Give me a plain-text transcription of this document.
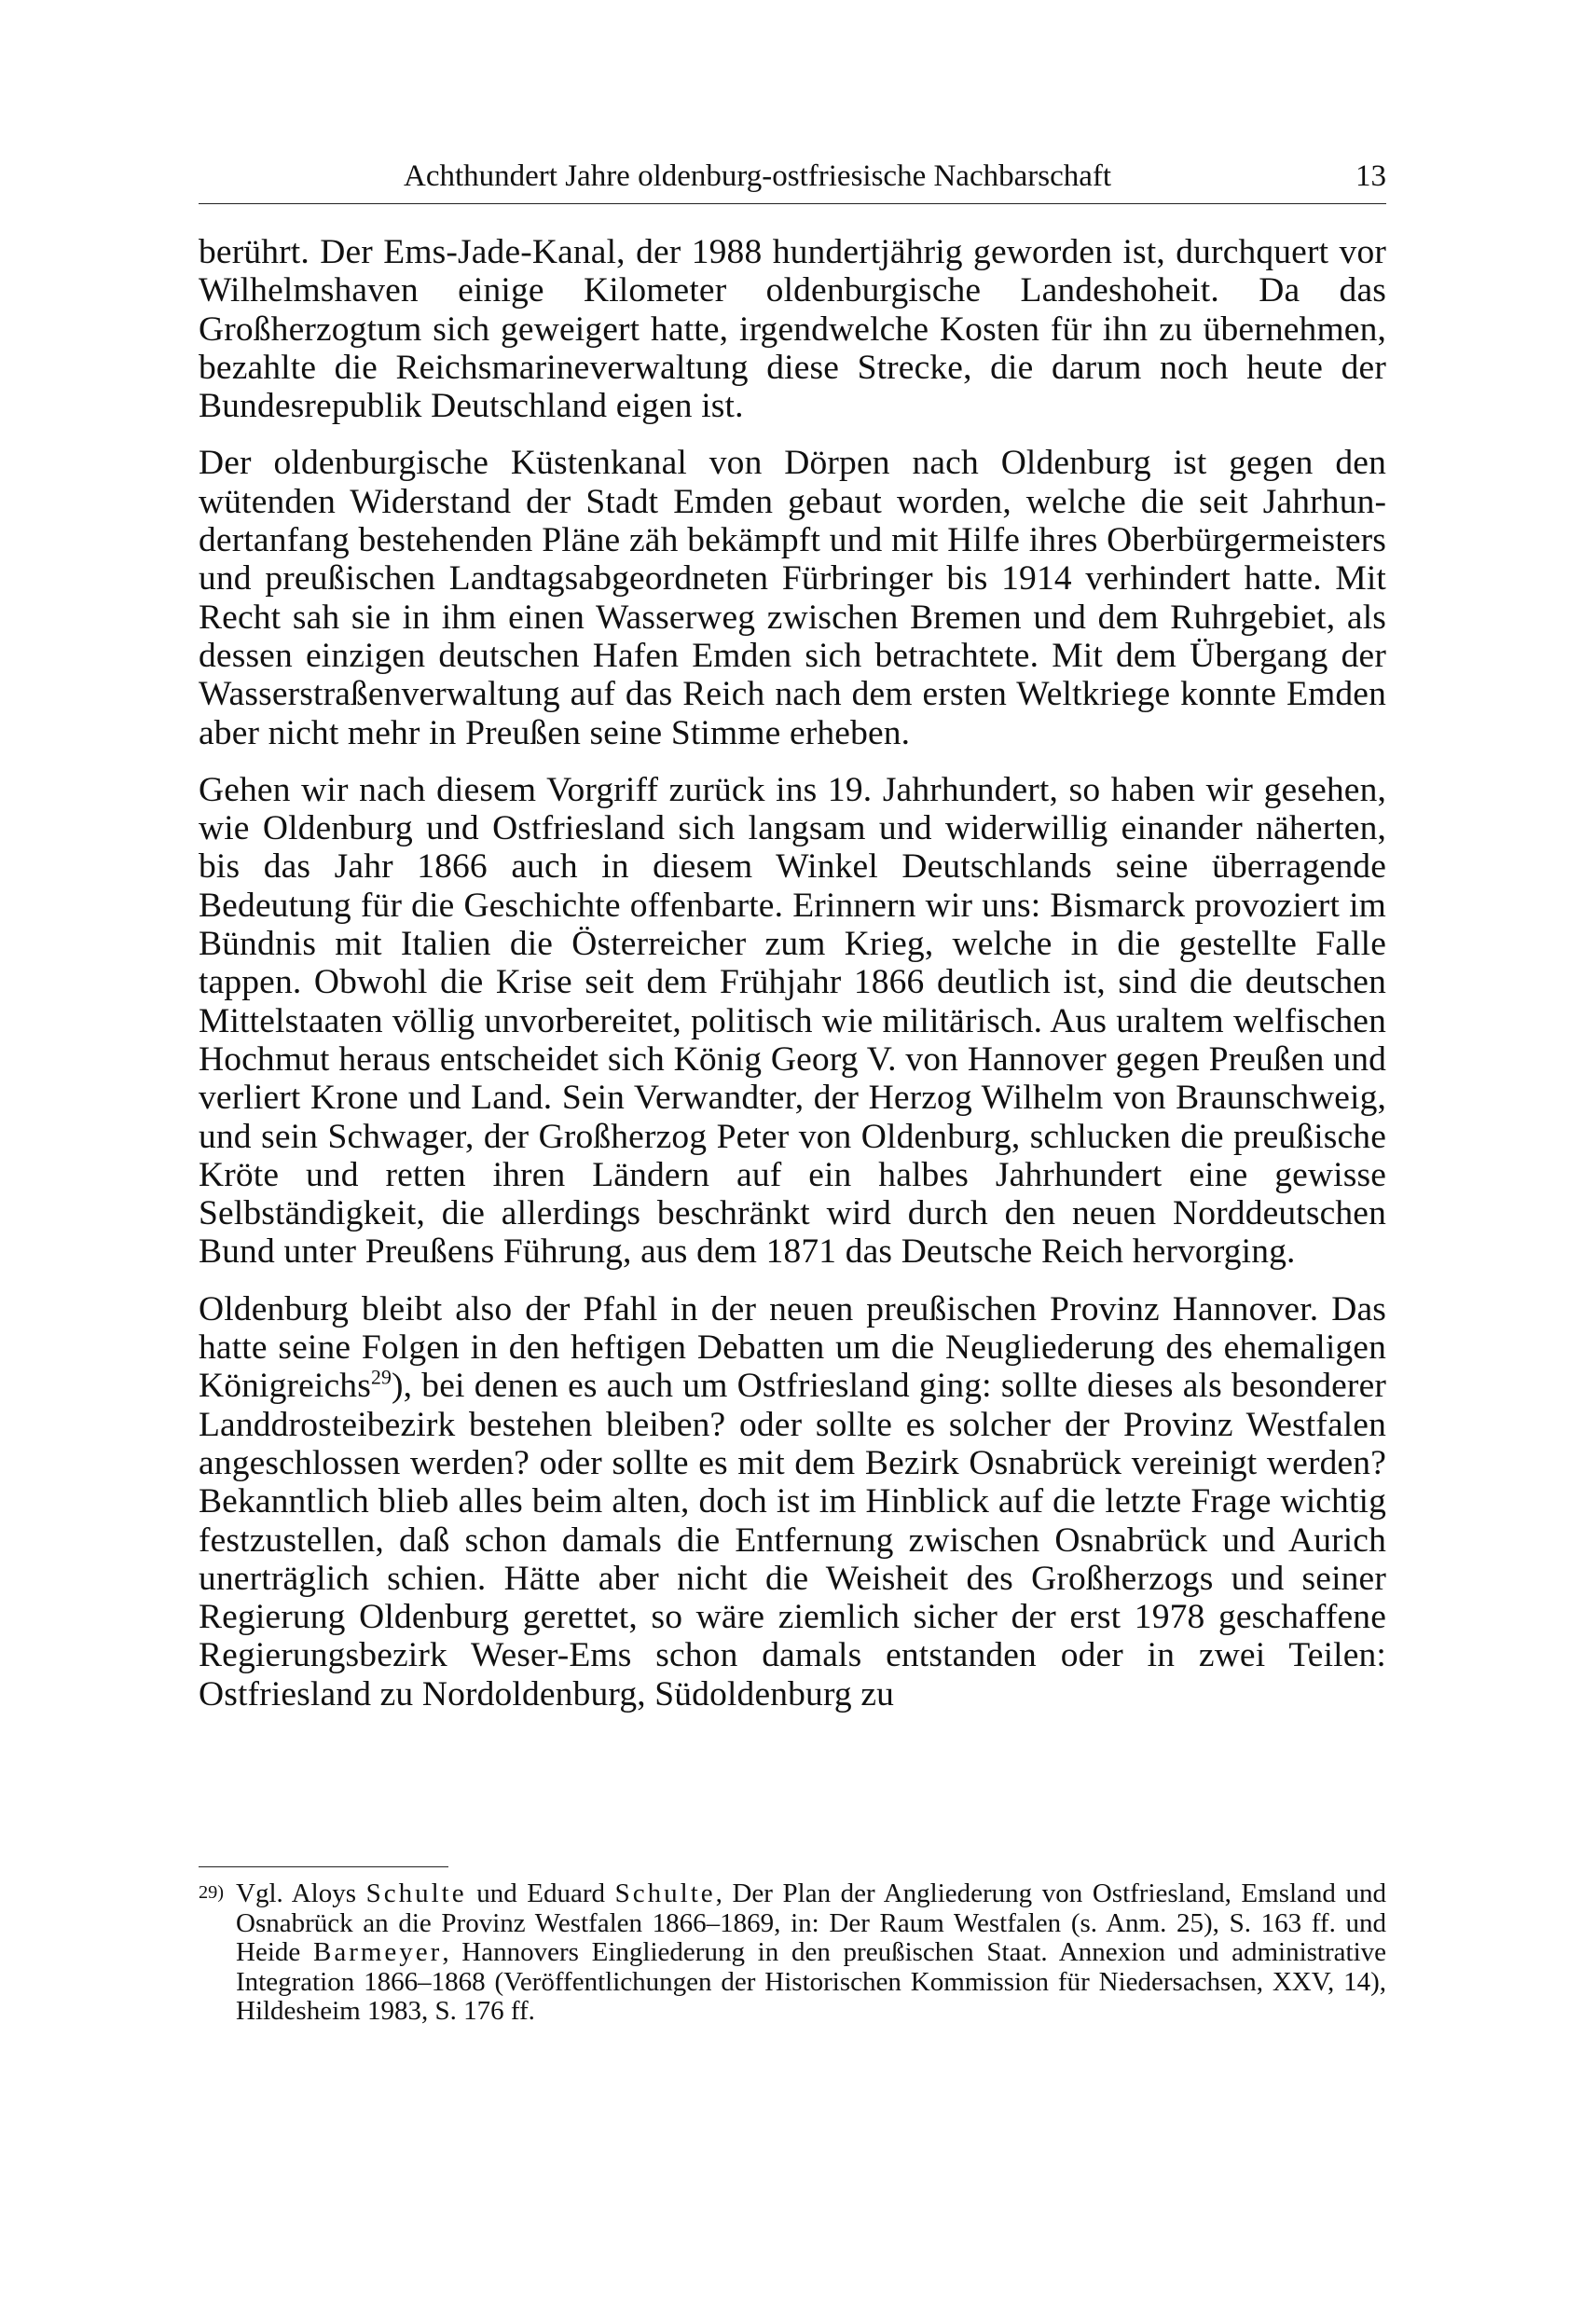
Achthundert Jahre oldenburg-ostfriesische Nachbarschaft	13

berührt. Der Ems-Jade-Kanal, der 1988 hundertjährig geworden ist, durchquert vor Wilhelmshaven einige Kilometer oldenburgische Landeshoheit. Da das Großherzogtum sich geweigert hatte, irgendwelche Kosten für ihn zu übernehmen, bezahlte die Reichsmarineverwaltung diese Strecke, die darum noch heute der Bundesrepublik Deutschland eigen ist.

Der oldenburgische Küstenkanal von Dörpen nach Oldenburg ist gegen den wütenden Widerstand der Stadt Emden gebaut worden, welche die seit Jahrhundertanfang bestehenden Pläne zäh bekämpft und mit Hilfe ihres Oberbürgermeisters und preußischen Landtagsabgeordneten Fürbringer bis 1914 verhindert hatte. Mit Recht sah sie in ihm einen Wasserweg zwischen Bremen und dem Ruhrgebiet, als dessen einzigen deutschen Hafen Emden sich betrachtete. Mit dem Übergang der Wasserstraßenverwaltung auf das Reich nach dem ersten Weltkriege konnte Emden aber nicht mehr in Preußen seine Stimme erheben.

Gehen wir nach diesem Vorgriff zurück ins 19. Jahrhundert, so haben wir gesehen, wie Oldenburg und Ostfriesland sich langsam und widerwillig einander näherten, bis das Jahr 1866 auch in diesem Winkel Deutschlands seine überragende Bedeutung für die Geschichte offenbarte. Erinnern wir uns: Bismarck provoziert im Bündnis mit Italien die Österreicher zum Krieg, welche in die gestellte Falle tappen. Obwohl die Krise seit dem Frühjahr 1866 deutlich ist, sind die deutschen Mittelstaaten völlig unvorbereitet, politisch wie militärisch. Aus uraltem welfischen Hochmut heraus entscheidet sich König Georg V. von Hannover gegen Preußen und verliert Krone und Land. Sein Verwandter, der Herzog Wilhelm von Braunschweig, und sein Schwager, der Großherzog Peter von Oldenburg, schlucken die preußische Kröte und retten ihren Ländern auf ein halbes Jahrhundert eine gewisse Selbständigkeit, die allerdings beschränkt wird durch den neuen Norddeutschen Bund unter Preußens Führung, aus dem 1871 das Deutsche Reich hervorging.

Oldenburg bleibt also der Pfahl in der neuen preußischen Provinz Hannover. Das hatte seine Folgen in den heftigen Debatten um die Neugliederung des ehemaligen Königreichs$^{29}$), bei denen es auch um Ostfriesland ging: sollte dieses als besonderer Landdrosteibezirk bestehen bleiben? oder sollte es solcher der Provinz Westfalen angeschlossen werden? oder sollte es mit dem Bezirk Osnabrück vereinigt werden? Bekanntlich blieb alles beim alten, doch ist im Hinblick auf die letzte Frage wichtig festzustellen, daß schon damals die Entfernung zwischen Osnabrück und Aurich unerträglich schien. Hätte aber nicht die Weisheit des Großherzogs und seiner Regierung Oldenburg gerettet, so wäre ziemlich sicher der erst 1978 geschaffene Regierungsbezirk Weser-Ems schon damals entstanden oder in zwei Teilen: Ostfriesland zu Nordoldenburg, Südoldenburg zu

29) Vgl. Aloys Schulte und Eduard Schulte, Der Plan der Angliederung von Ostfriesland, Emsland und Osnabrück an die Provinz Westfalen 1866–1869, in: Der Raum Westfalen (s. Anm. 25), S. 163 ff. und Heide Barmeyer, Hannovers Eingliederung in den preußischen Staat. Annexion und administrative Integration 1866–1868 (Veröffentlichungen der Historischen Kommission für Niedersachsen, XXV, 14), Hildesheim 1983, S. 176 ff.
